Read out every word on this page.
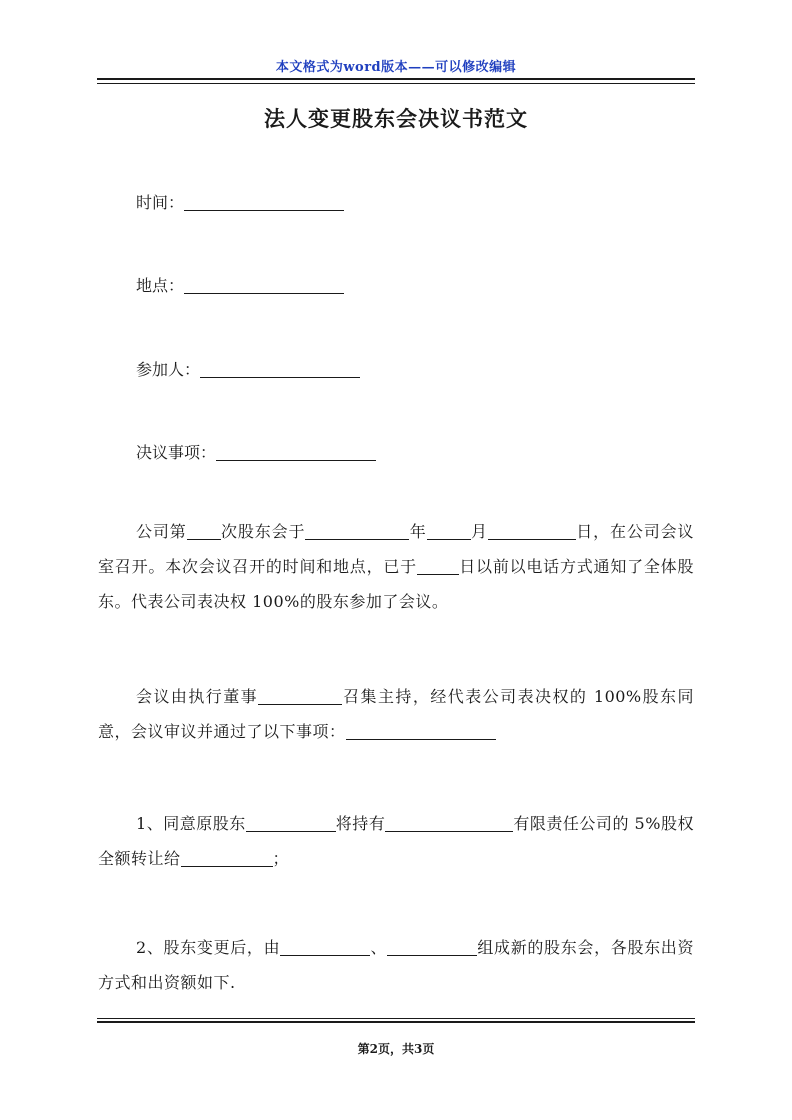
本文格式为word版本——可以修改编辑
法人变更股东会决议书范文
时间：
地点：
参加人：
决议事项：
公司第 次股东会于	年	月	日，在公司会议室召开。本次会议召开的时间和地点，已于	日以前以电话方式通知了全体股东。代表公司表决权 100%的股东参加了会议。
会议由执行董事	召集主持，经代表公司表决权的 100%股东同意，会议审议并通过了以下事项：
1、同意原股东	将持有	有限责任公司的 5%股权全额转让给	；
2、股东变更后，由	、	组成新的股东会，各股东出资方式和出资额如下.
第2页，共3页
